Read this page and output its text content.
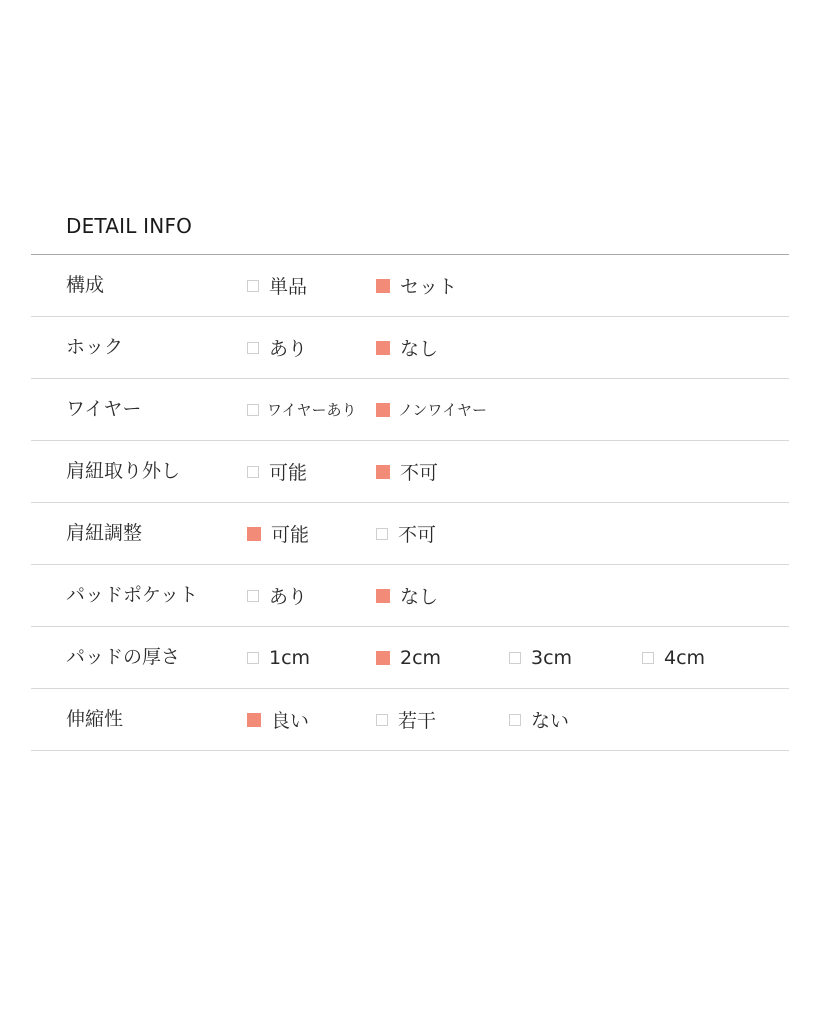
DETAIL INFO
構成	単品	セット
ホック	あり	なし
ワイヤー	ワイヤーあり	ノンワイヤー
肩紐取り外し	可能	不可
肩紐調整	可能	不可
パッドポケット	あり	なし
パッドの厚さ	1cm	2cm	3cm	4cm
伸縮性	良い	若干	ない
